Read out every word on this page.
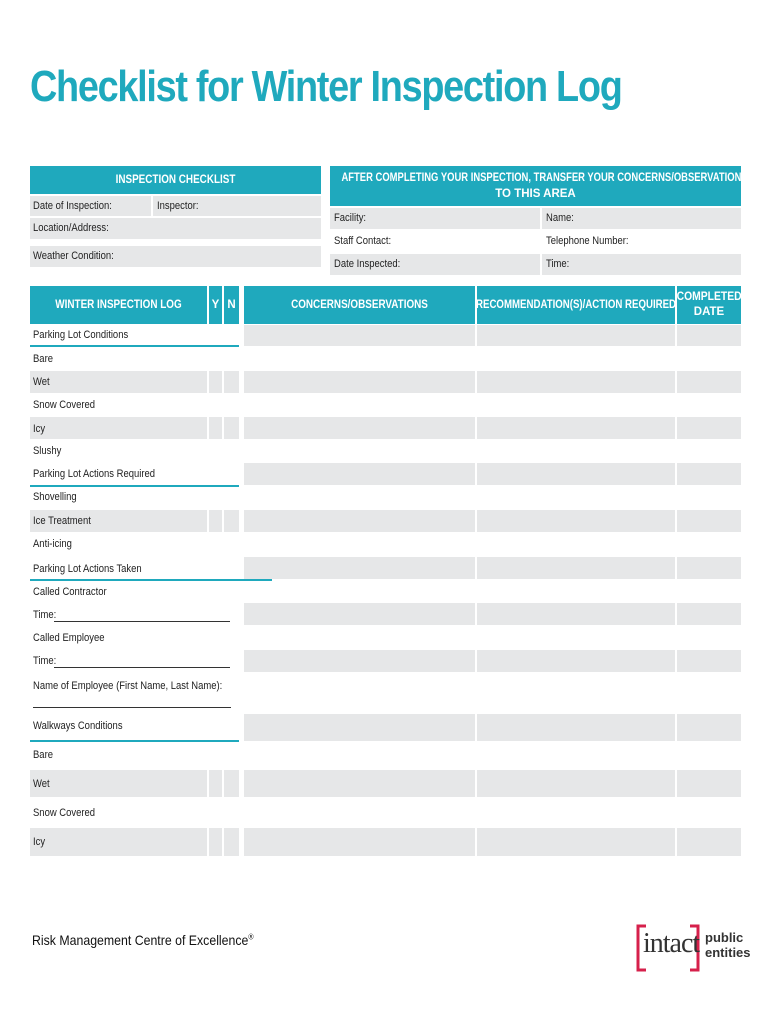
Checklist for Winter Inspection Log
INSPECTION CHECKLIST
Date of Inspection:	Inspector:
Location/Address:
Weather Condition:
AFTER COMPLETING YOUR INSPECTION, TRANSFER YOUR CONCERNS/OBSERVATIONS
TO THIS AREA
Facility:	Name:
Staff Contact:	Telephone Number:
Date Inspected:	Time:
WINTER INSPECTION LOG	Y N	CONCERNS/OBSERVATIONS	RECOMMENDATION(S)/ACTION REQUIRED
COMPLETED
DATE
Parking Lot Conditions
Bare
Wet
Snow Covered
Icy
Slushy
Parking Lot Actions Required
Shovelling
Ice Treatment
Anti-icing
Parking Lot Actions Taken
Called Contractor
Time:
Called Employee
Time:
Name of Employee (First Name, Last Name):
Walkways Conditions
Bare
Wet
Snow Covered
Icy
Risk Management Centre of Excellence®	intact public
entities
